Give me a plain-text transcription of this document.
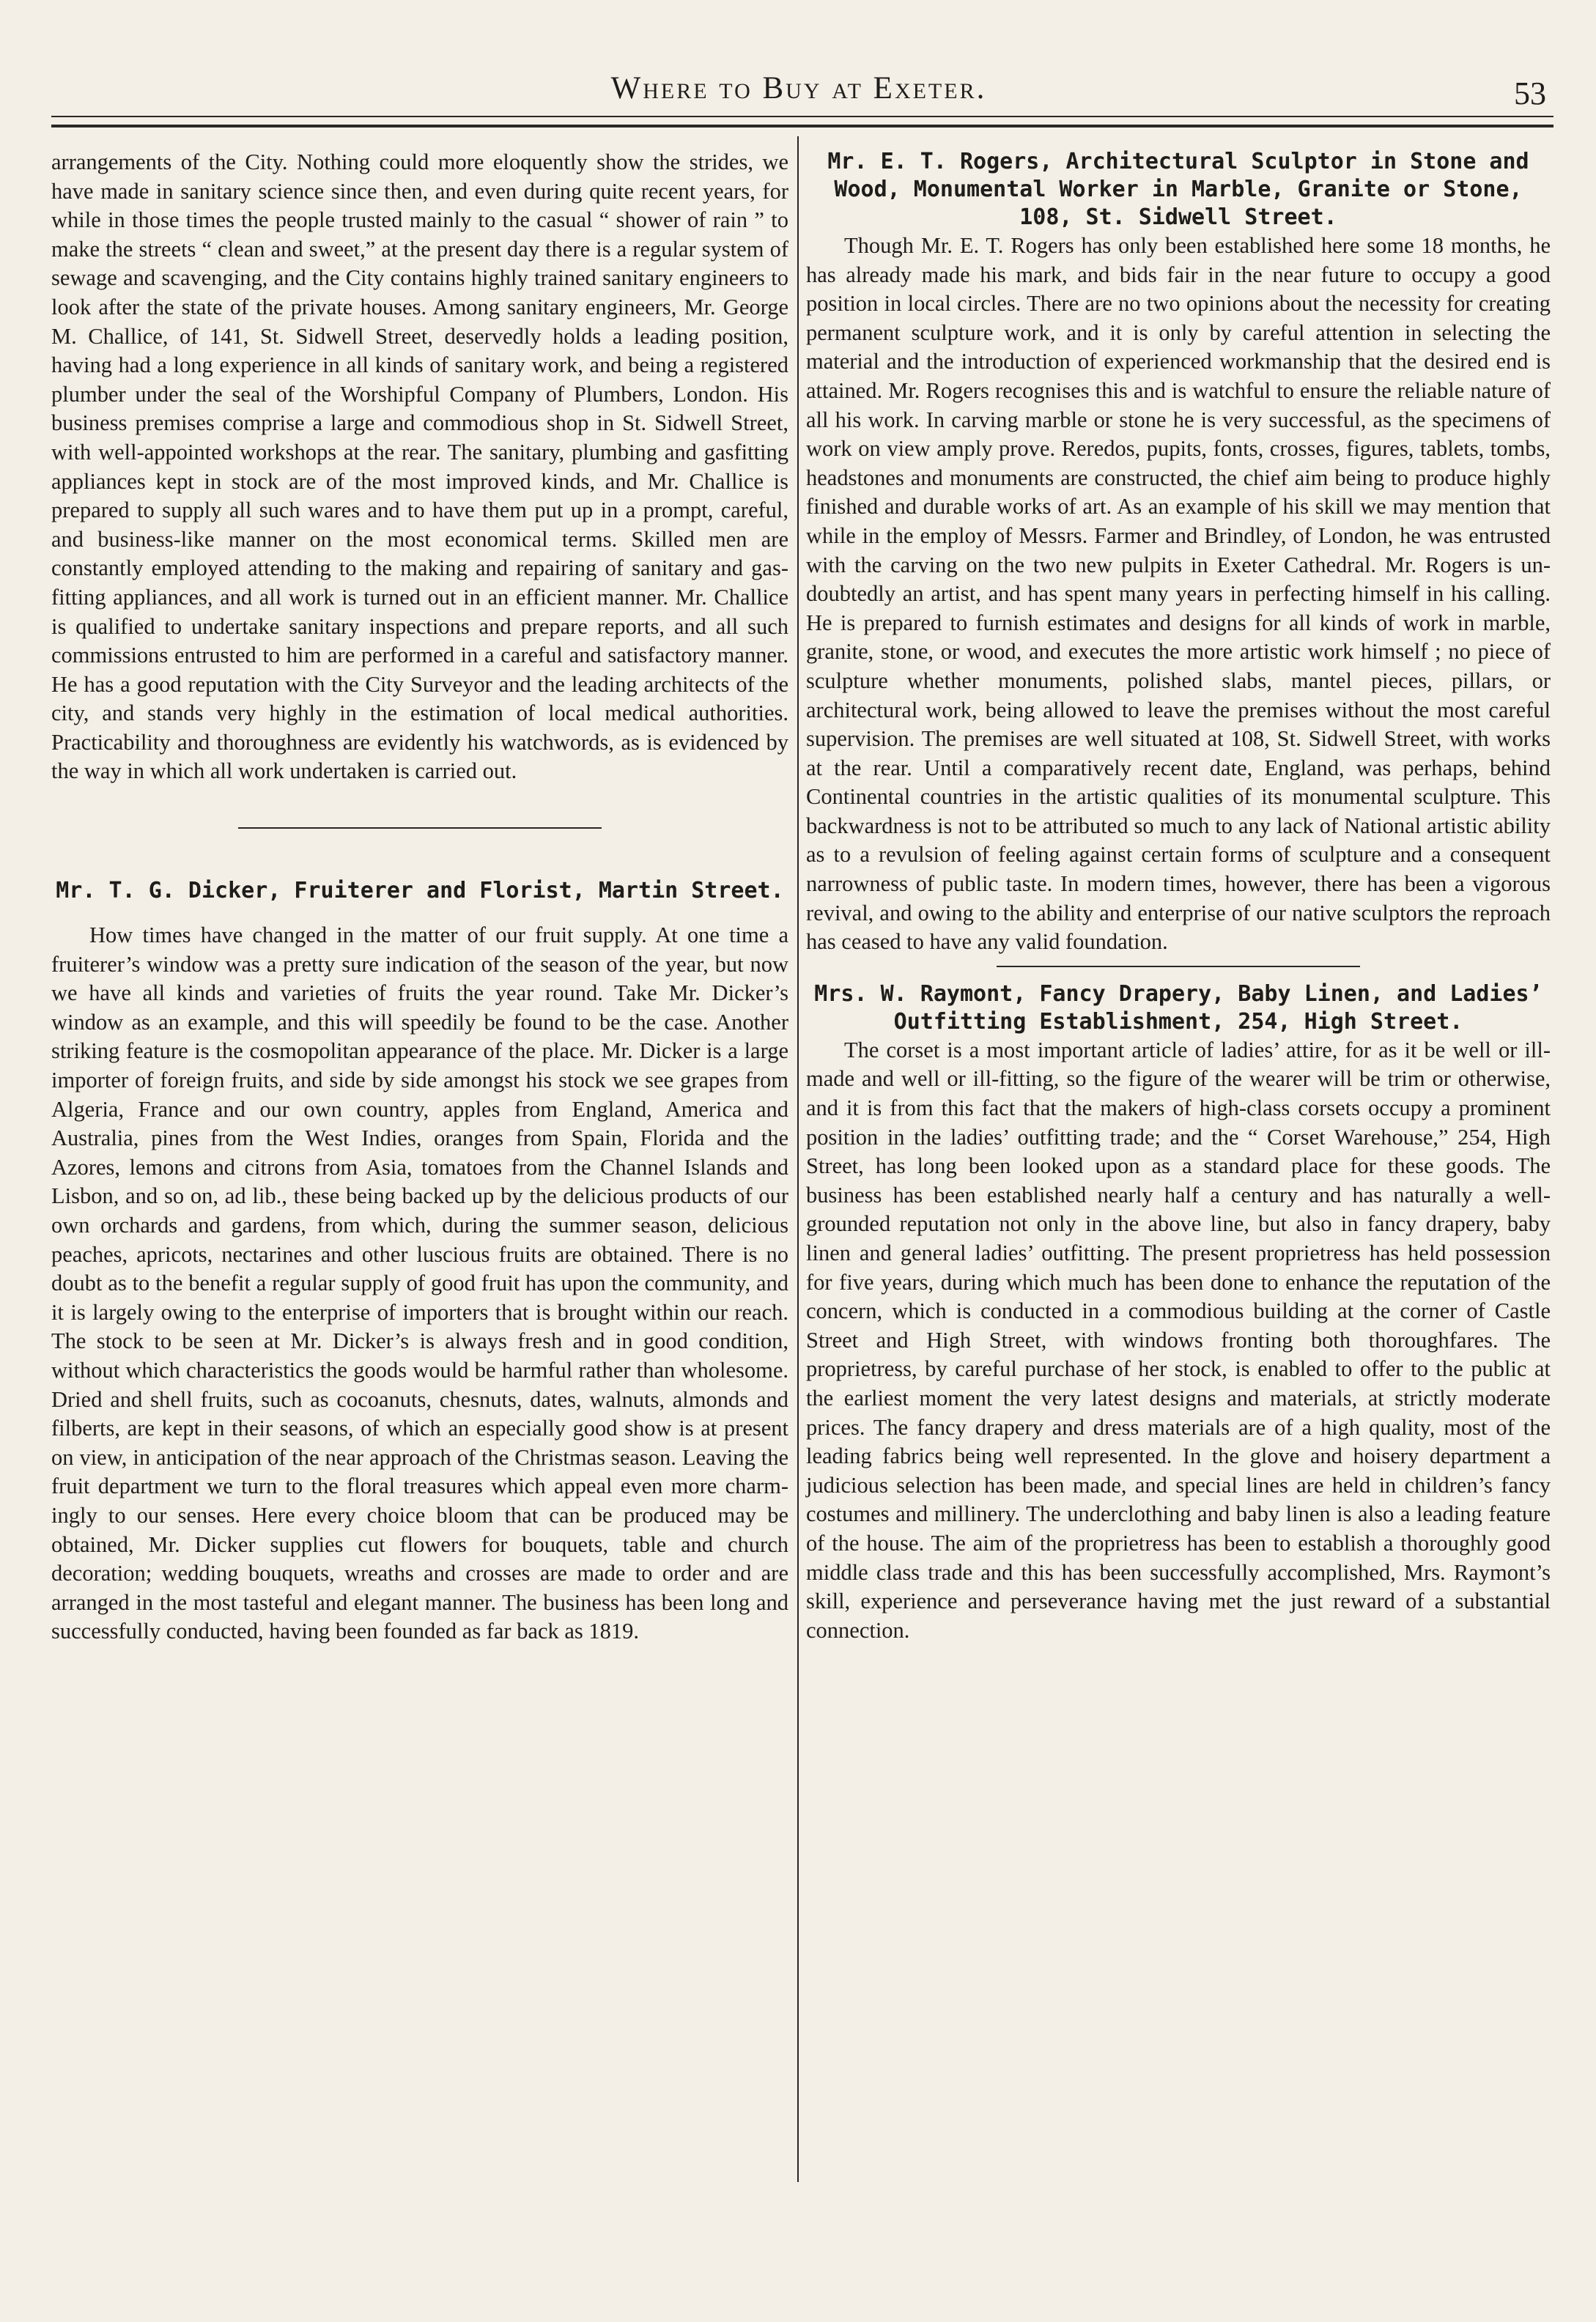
Where to Buy at Exeter.	53

arrangements of the City. Nothing could more eloquently show the strides, we have made in sanitary science since then, and even during quite recent years, for while in those times the people trusted mainly to the casual “ shower of rain ” to make the streets “ clean and sweet,” at the present day there is a regular system of sewage and scavenging, and the City contains highly trained sanitary engineers to look after the state of the private houses. Among sanitary engineers, Mr. George M. Challice, of 141, St. Sidwell Street, deservedly holds a leading position, having had a long experience in all kinds of sanitary work, and being a registered plumber under the seal of the Worshipful Company of Plumbers, London. His business premises comprise a large and commodious shop in St. Sidwell Street, with well-appointed workshops at the rear. The sanitary, plumbing and gasfitting appliances kept in stock are of the most improved kinds, and Mr. Challice is prepared to supply all such wares and to have them put up in a prompt, careful, and business-like manner on the most economical terms. Skilled men are constantly employed attending to the making and repairing of sanitary and gas-fitting appliances, and all work is turned out in an efficient manner. Mr. Challice is qualified to undertake sanitary inspections and prepare reports, and all such commissions entrusted to him are performed in a careful and satisfactory manner. He has a good reputation with the City Surveyor and the leading architects of the city, and stands very highly in the estimation of local medical authorities. Practicability and thoroughness are evidently his watchwords, as is evidenced by the way in which all work undertaken is carried out.

Mr. T. G. Dicker, Fruiterer and Florist, Martin Street.

How times have changed in the matter of our fruit supply. At one time a fruiterer’s window was a pretty sure indication of the season of the year, but now we have all kinds and varieties of fruits the year round. Take Mr. Dicker’s window as an example, and this will speedily be found to be the case. Another striking feature is the cosmopolitan appearance of the place. Mr. Dicker is a large importer of foreign fruits, and side by side amongst his stock we see grapes from Algeria, France and our own country, apples from England, America and Australia, pines from the West Indies, oranges from Spain, Florida and the Azores, lemons and citrons from Asia, tomatoes from the Channel Islands and Lisbon, and so on, ad lib., these being backed up by the delicious products of our own orchards and gardens, from which, during the summer season, delicious peaches, apricots, nectarines and other luscious fruits are obtained. There is no doubt as to the benefit a regular supply of good fruit has upon the community, and it is largely owing to the enterprise of importers that is brought within our reach. The stock to be seen at Mr. Dicker’s is always fresh and in good condition, without which characteristics the goods would be harmful rather than wholesome. Dried and shell fruits, such as cocoanuts, chesnuts, dates, walnuts, almonds and filberts, are kept in their seasons, of which an especially good show is at present on view, in anticipation of the near approach of the Christmas season. Leaving the fruit department we turn to the floral treasures which appeal even more charmingly to our senses. Here every choice bloom that can be produced may be obtained, Mr. Dicker supplies cut flowers for bouquets, table and church decoration; wedding bouquets, wreaths and crosses are made to order and are arranged in the most tasteful and elegant manner. The business has been long and successfully conducted, having been founded as far back as 1819.

Mr. E. T. Rogers, Architectural Sculptor in Stone and Wood, Monumental Worker in Marble, Granite or Stone, 108, St. Sidwell Street.

Though Mr. E. T. Rogers has only been established here some 18 months, he has already made his mark, and bids fair in the near future to occupy a good position in local circles. There are no two opinions about the necessity for creating permanent sculpture work, and it is only by careful attention in selecting the material and the introduction of experienced workmanship that the desired end is attained. Mr. Rogers recognises this and is watchful to ensure the reliable nature of all his work. In carving marble or stone he is very successful, as the specimens of work on view amply prove. Reredos, pupits, fonts, crosses, figures, tablets, tombs, headstones and monuments are constructed, the chief aim being to produce highly finished and durable works of art. As an example of his skill we may mention that while in the employ of Messrs. Farmer and Brindley, of London, he was entrusted with the carving on the two new pulpits in Exeter Cathedral. Mr. Rogers is undoubtedly an artist, and has spent many years in perfecting himself in his calling. He is prepared to furnish estimates and designs for all kinds of work in marble, granite, stone, or wood, and executes the more artistic work himself ; no piece of sculpture whether monuments, polished slabs, mantel pieces, pillars, or architectural work, being allowed to leave the premises without the most careful supervision. The premises are well situated at 108, St. Sidwell Street, with works at the rear. Until a comparatively recent date, England, was perhaps, behind Continental countries in the artistic qualities of its monumental sculpture. This backwardness is not to be attributed so much to any lack of National artistic ability as to a revulsion of feeling against certain forms of sculpture and a consequent narrowness of public taste. In modern times, however, there has been a vigorous revival, and owing to the ability and enterprise of our native sculptors the reproach has ceased to have any valid foundation.

Mrs. W. Raymont, Fancy Drapery, Baby Linen, and Ladies’ Outfitting Establishment, 254, High Street.

The corset is a most important article of ladies’ attire, for as it be well or ill-made and well or ill-fitting, so the figure of the wearer will be trim or otherwise, and it is from this fact that the makers of high-class corsets occupy a prominent position in the ladies’ outfitting trade; and the “ Corset Warehouse,” 254, High Street, has long been looked upon as a standard place for these goods. The business has been established nearly half a century and has naturally a well-grounded reputation not only in the above line, but also in fancy drapery, baby linen and general ladies’ outfitting. The present proprietress has held possession for five years, during which much has been done to enhance the reputation of the concern, which is conducted in a commodious building at the corner of Castle Street and High Street, with windows fronting both thoroughfares. The proprietress, by careful purchase of her stock, is enabled to offer to the public at the earliest moment the very latest designs and materials, at strictly moderate prices. The fancy drapery and dress materials are of a high quality, most of the leading fabrics being well represented. In the glove and hoisery department a judicious selection has been made, and special lines are held in children’s fancy costumes and millinery. The underclothing and baby linen is also a leading feature of the house. The aim of the proprietress has been to establish a thoroughly good middle class trade and this has been successfully accomplished, Mrs. Raymont’s skill, experience and perseverance having met the just reward of a substantial connection.
